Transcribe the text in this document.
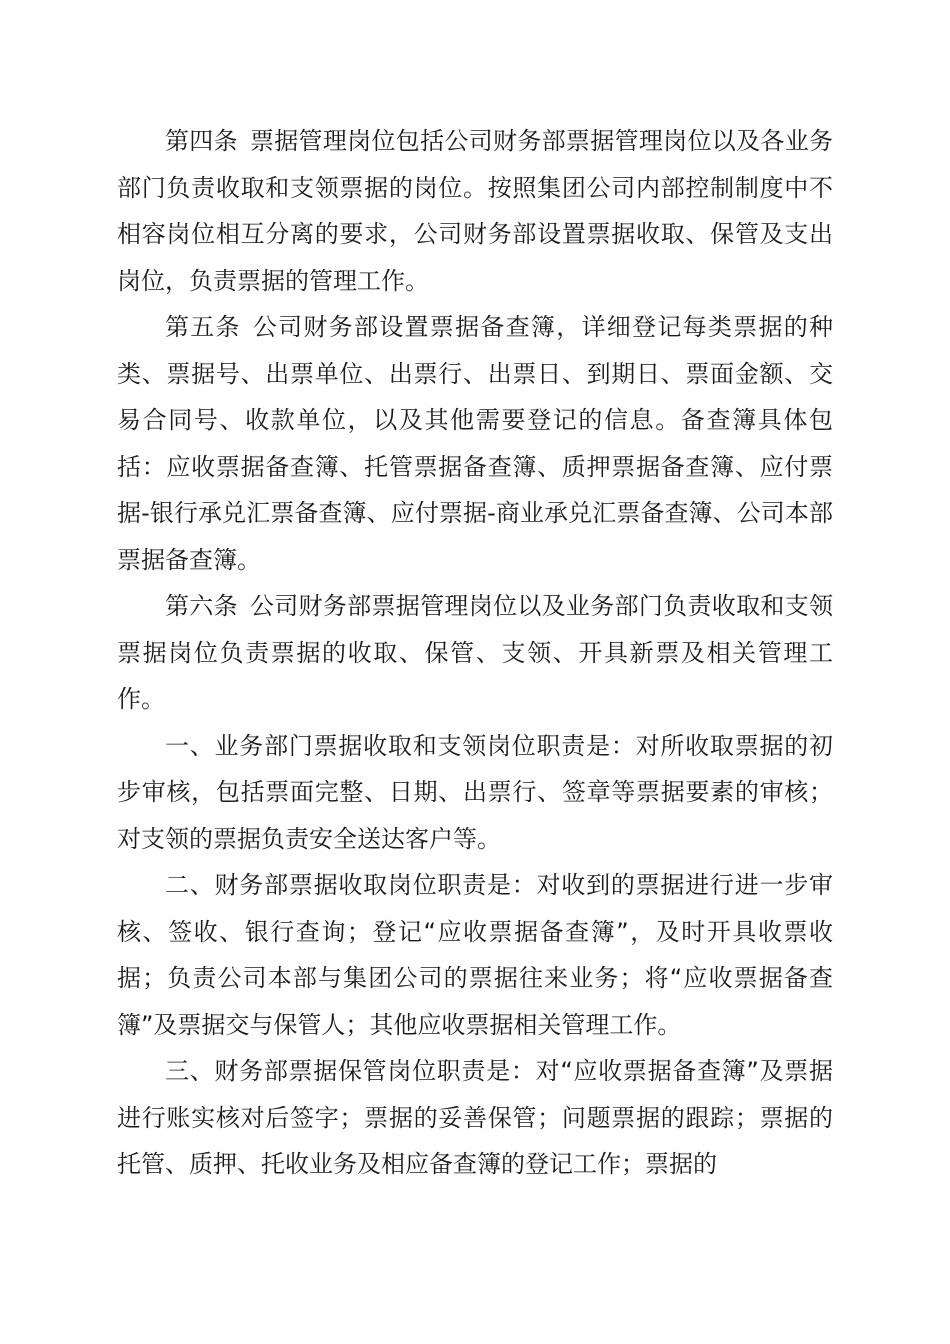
第四条 票据管理岗位包括公司财务部票据管理岗位以及各业务部门负责收取和支领票据的岗位。按照集团公司内部控制制度中不相容岗位相互分离的要求，公司财务部设置票据收取、保管及支出岗位，负责票据的管理工作。

第五条 公司财务部设置票据备查簿，详细登记每类票据的种类、票据号、出票单位、出票行、出票日、到期日、票面金额、交易合同号、收款单位，以及其他需要登记的信息。备查簿具体包括：应收票据备查簿、托管票据备查簿、质押票据备查簿、应付票据-银行承兑汇票备查簿、应付票据-商业承兑汇票备查簿、公司本部票据备查簿。

第六条 公司财务部票据管理岗位以及业务部门负责收取和支领票据岗位负责票据的收取、保管、支领、开具新票及相关管理工作。

一、业务部门票据收取和支领岗位职责是：对所收取票据的初步审核，包括票面完整、日期、出票行、签章等票据要素的审核；对支领的票据负责安全送达客户等。

二、财务部票据收取岗位职责是：对收到的票据进行进一步审核、签收、银行查询；登记“应收票据备查簿”，及时开具收票收据；负责公司本部与集团公司的票据往来业务；将“应收票据备查簿”及票据交与保管人；其他应收票据相关管理工作。

三、财务部票据保管岗位职责是：对“应收票据备查簿”及票据进行账实核对后签字；票据的妥善保管；问题票据的跟踪；票据的托管、质押、托收业务及相应备查簿的登记工作；票据的
